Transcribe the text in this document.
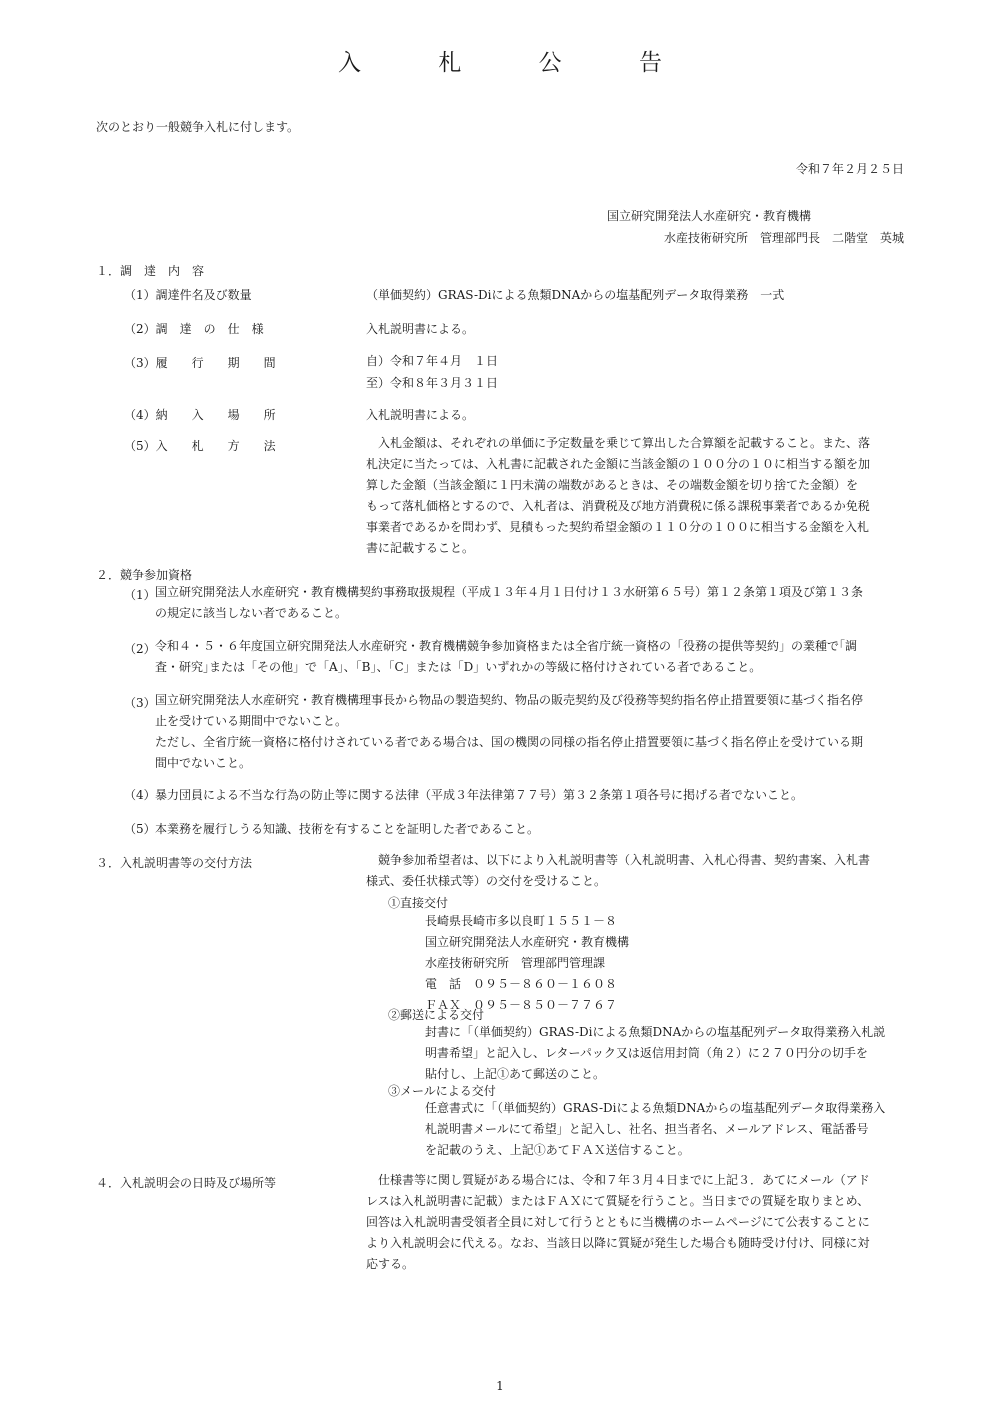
入 札 公 告
次のとおり一般競争入札に付します。
令和７年２月２５日
国立研究開発法人水産研究・教育機構
水産技術研究所　管理部門長　二階堂　英城
１．調　達　内　容
（1）調達件名及び数量	（単価契約）GRAS-Diによる魚類DNAからの塩基配列データ取得業務　一式
（2）調　達　の　仕　様	入札説明書による。
（3）履　　行　　期　　間	自）令和７年４月　１日
至）令和８年３月３１日
（4）納　　入　　場　　所	入札説明書による。
（5）入　　札　　方　　法	　入札金額は、それぞれの単価に予定数量を乗じて算出した合算額を記載すること。また、落
札決定に当たっては、入札書に記載された金額に当該金額の１００分の１０に相当する額を加
算した金額（当該金額に１円未満の端数があるときは、その端数金額を切り捨てた金額）を
もって落札価格とするので、入札者は、消費税及び地方消費税に係る課税事業者であるか免税
事業者であるかを問わず、見積もった契約希望金額の１１０分の１００に相当する金額を入札
書に記載すること。
２．競争参加資格
（1） 国立研究開発法人水産研究・教育機構契約事務取扱規程（平成１３年４月１日付け１３水研第６５号）第１２条第１項及び第１３条
の規定に該当しない者であること。
（2） 令和４・５・６年度国立研究開発法人水産研究・教育機構競争参加資格または全省庁統一資格の「役務の提供等契約」の業種で｢調
査・研究｣または「その他」で「A」、「B」、「C」または「D」いずれかの等級に格付けされている者であること。
（3） 国立研究開発法人水産研究・教育機構理事長から物品の製造契約、物品の販売契約及び役務等契約指名停止措置要領に基づく指名停
止を受けている期間中でないこと。
ただし、全省庁統一資格に格付けされている者である場合は、国の機関の同様の指名停止措置要領に基づく指名停止を受けている期
間中でないこと。
（4） 暴力団員による不当な行為の防止等に関する法律（平成３年法律第７７号）第３２条第１項各号に掲げる者でないこと。
（5） 本業務を履行しうる知識、技術を有することを証明した者であること。
３．入札説明書等の交付方法	　競争参加希望者は、以下により入札説明書等（入札説明書、入札心得書、契約書案、入札書
様式、委任状様式等）の交付を受けること。
①直接交付
長崎県長崎市多以良町１５５１－８
国立研究開発法人水産研究・教育機構
水産技術研究所　管理部門管理課
電　話　０９５－８６０－１６０８
ＦＡＸ　０９５－８５０－７７６７
②郵送による交付
封書に「（単価契約）GRAS-Diによる魚類DNAからの塩基配列データ取得業務入札説
明書希望」と記入し、レターパック又は返信用封筒（角２）に２７０円分の切手を
貼付し、上記①あて郵送のこと。
③メールによる交付
任意書式に「（単価契約）GRAS-Diによる魚類DNAからの塩基配列データ取得業務入
札説明書メールにて希望」と記入し、社名、担当者名、メールアドレス、電話番号
を記載のうえ、上記①あてＦＡＸ送信すること。
４．入札説明会の日時及び場所等	　仕様書等に関し質疑がある場合には、令和７年３月４日までに上記３．あてにメール（アド
レスは入札説明書に記載）またはＦＡＸにて質疑を行うこと。当日までの質疑を取りまとめ、
回答は入札説明書受領者全員に対して行うとともに当機構のホームページにて公表することに
より入札説明会に代える。なお、当該日以降に質疑が発生した場合も随時受け付け、同様に対
応する。
1
